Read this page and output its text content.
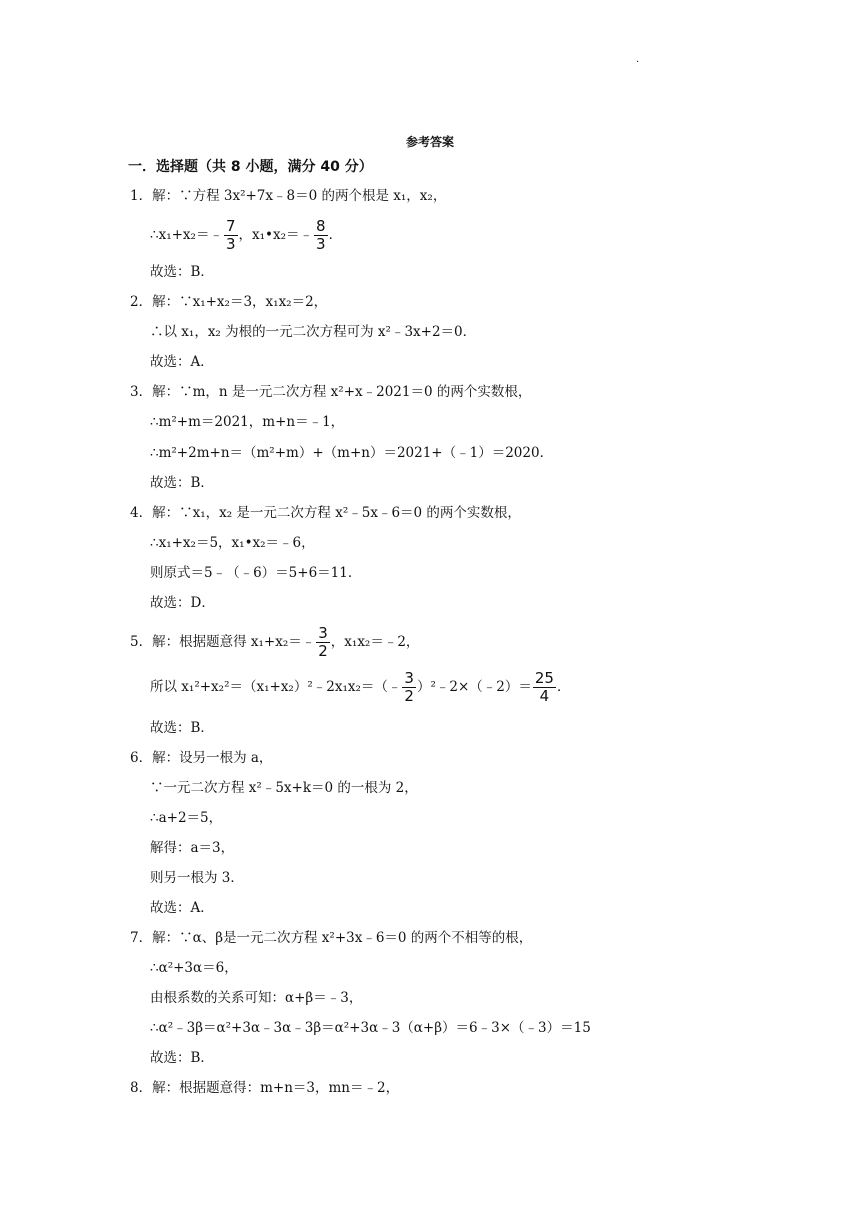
·
参考答案
一．选择题（共 8 小题，满分 40 分）
1．解：∵方程 3x²+7x﹣8＝0 的两个根是 x₁，x₂，
∴x₁+x₂＝﹣ $\frac{7}{3}$ ，x₁•x₂＝﹣ $\frac{8}{3}$ ．
故选：B．
2．解：∵x₁+x₂＝3，x₁x₂＝2，
∴以 x₁，x₂ 为根的一元二次方程可为 x²﹣3x+2＝0．
故选：A．
3．解：∵m，n 是一元二次方程 x²+x﹣2021＝0 的两个实数根，
∴m²+m＝2021，m+n＝﹣1，
∴m²+2m+n＝（m²+m）+（m+n）＝2021+（﹣1）＝2020．
故选：B．
4．解：∵x₁，x₂ 是一元二次方程 x²﹣5x﹣6＝0 的两个实数根，
∴x₁+x₂＝5，x₁•x₂＝﹣6，
则原式＝5﹣（﹣6）＝5+6＝11．
故选：D．
5．解：根据题意得 x₁+x₂＝﹣ $\frac{3}{2}$ ，x₁x₂＝﹣2，
所以 x₁²+x₂²＝（x₁+x₂）²﹣2x₁x₂＝（﹣ $\frac{3}{2}$ ）²﹣2×（﹣2）＝ $\frac{25}{4}$ ．
故选：B．
6．解：设另一根为 a，
∵一元二次方程 x²﹣5x+k＝0 的一根为 2，
∴a+2＝5，
解得：a＝3，
则另一根为 3．
故选：A．
7．解：∵α、β是一元二次方程 x²+3x﹣6＝0 的两个不相等的根，
∴α²+3α＝6，
由根系数的关系可知：α+β＝﹣3，
∴α²﹣3β＝α²+3α﹣3α﹣3β＝α²+3α﹣3（α+β）＝6﹣3×（﹣3）＝15
故选：B．
8．解：根据题意得：m+n＝3，mn＝﹣2，
